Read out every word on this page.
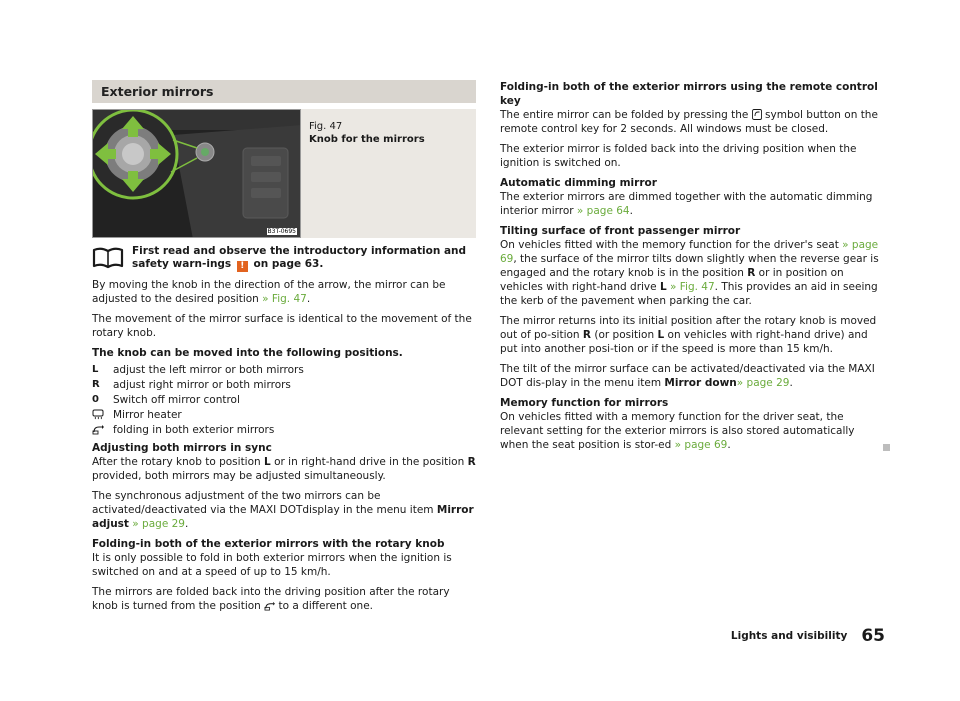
Exterior mirrors
B3T-0695
Fig. 47
Knob for the mirrors
First read and observe the introductory information and safety warn-ings ! on page 63.

By moving the knob in the direction of the arrow, the mirror can be adjusted to the desired position » Fig. 47.

The movement of the mirror surface is identical to the movement of the rotary knob.

The knob can be moved into the following positions.

L	adjust the left mirror or both mirrors
R	adjust right mirror or both mirrors
0	Switch off mirror control
Mirror heater
folding in both exterior mirrors

Adjusting both mirrors in sync
After the rotary knob to position L or in right-hand drive in the position R provided, both mirrors may be adjusted simultaneously.

The synchronous adjustment of the two mirrors can be activated/deactivated via the MAXI DOTdisplay in the menu item Mirror adjust » page 29.

Folding-in both of the exterior mirrors with the rotary knob
It is only possible to fold in both exterior mirrors when the ignition is switched on and at a speed of up to 15 km/h.

The mirrors are folded back into the driving position after the rotary knob is turned from the position to a different one.

Folding-in both of the exterior mirrors using the remote control key
The entire mirror can be folded by pressing the symbol button on the remote control key for 2 seconds. All windows must be closed.

The exterior mirror is folded back into the driving position when the ignition is switched on.

Automatic dimming mirror
The exterior mirrors are dimmed together with the automatic dimming interior mirror » page 64.

Tilting surface of front passenger mirror
On vehicles fitted with the memory function for the driver's seat » page 69, the surface of the mirror tilts down slightly when the reverse gear is engaged and the rotary knob is in the position R or in position on vehicles with right-hand drive L » Fig. 47. This provides an aid in seeing the kerb of the pavement when parking the car.

The mirror returns into its initial position after the rotary knob is moved out of po-sition R (or position L on vehicles with right-hand drive) and put into another posi-tion or if the speed is more than 15 km/h.

The tilt of the mirror surface can be activated/deactivated via the MAXI DOT dis-play in the menu item Mirror down» page 29.

Memory function for mirrors
On vehicles fitted with a memory function for the driver seat, the relevant setting for the exterior mirrors is also stored automatically when the seat position is stor-ed » page 69.

Lights and visibility 65
